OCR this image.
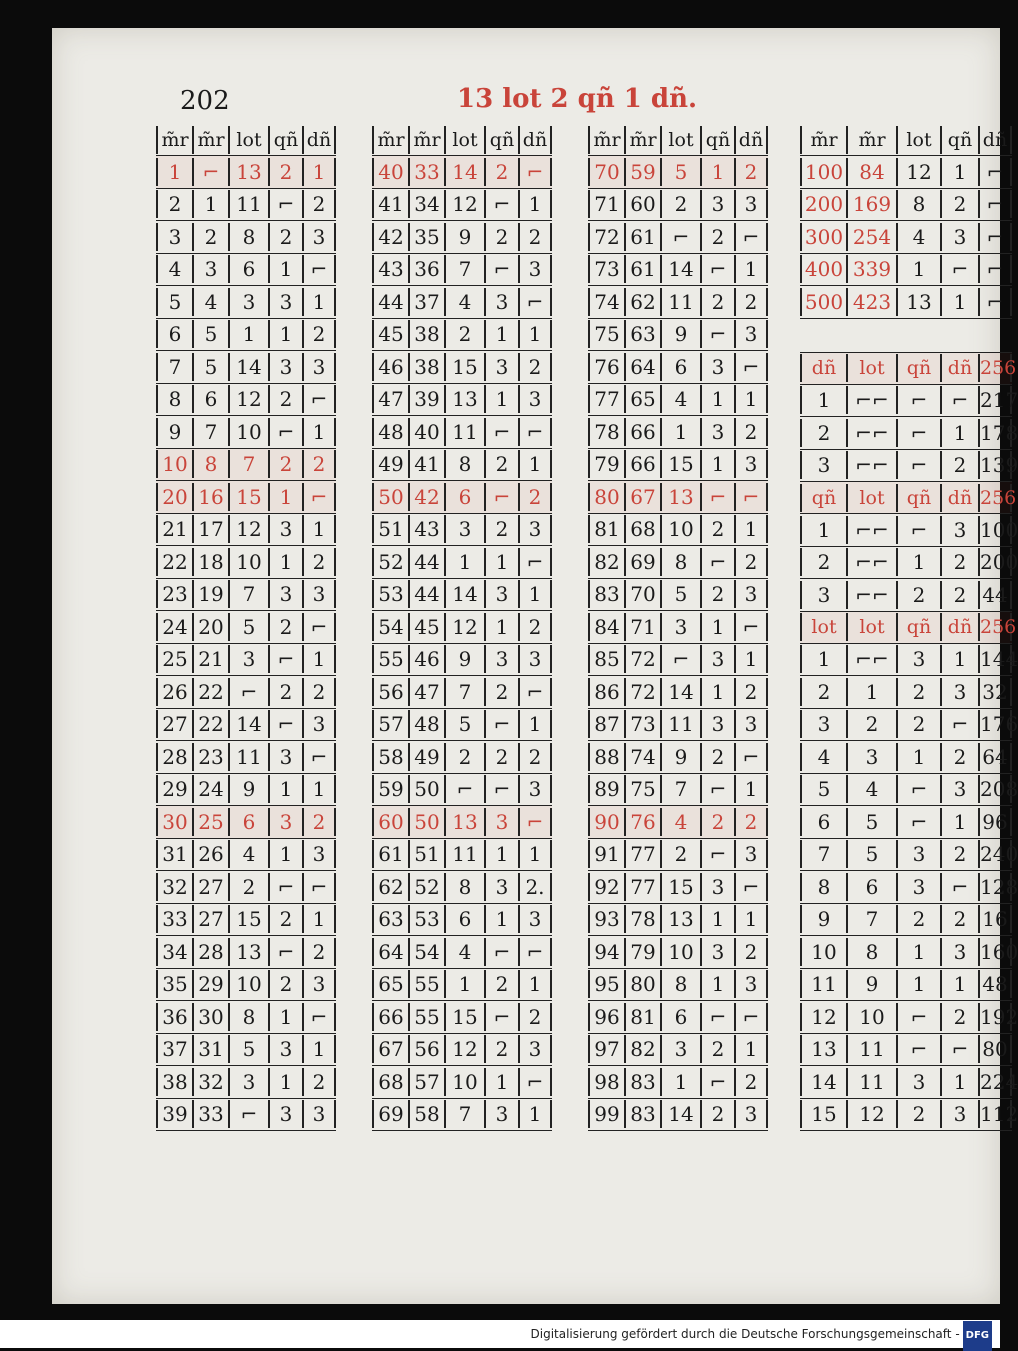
202	13 lot 2 qñ 1 dñ.
m̃r m̃r lot qñ dñ
1	⌐ 13 2	1
2	1 11 ⌐ 2
3	2	8	2	3
4	3	6	1 ⌐
5	4	3	3	1
6	5	1	1	2
7	5 14 3	3
8	6 12 2 ⌐
9	7 10 ⌐ 1
10 8	7	2	2
20 16 15 1 ⌐
21 17 12 3	1
22 18 10 1	2
23 19 7	3	3
24 20 5	2 ⌐
25 21 3	⌐ 1
26 22 ⌐	2	2
27 22 14 ⌐ 3
28 23 11 3 ⌐
29 24 9	1	1
30 25 6	3	2
31 26 4	1	3
32 27 2	⌐ ⌐
33 27 15 2	1
34 28 13 ⌐ 2
35 29 10 2	3
36 30 8	1 ⌐
37 31 5	3	1
38 32 3	1	2
39 33 ⌐	3	3
m̃r m̃r lot qñ dñ
40 33 14 2 ⌐
41 34 12 ⌐ 1
42 35 9	2	2
43 36 7	⌐ 3
44 37 4	3 ⌐
45 38 2	1	1
46 38 15 3	2
47 39 13 1	3
48 40 11 ⌐ ⌐
49 41 8	2	1
50 42 6	⌐ 2
51 43 3	2	3
52 44 1	1 ⌐
53 44 14 3	1
54 45 12 1	2
55 46 9	3	3
56 47 7	2 ⌐
57 48 5	⌐ 1
58 49 2	2	2
59 50 ⌐	⌐ 3
60 50 13 3 ⌐
61 51 11 1	1
62 52 8	3 2.
63 53 6	1	3
64 54 4	⌐ ⌐
65 55 1	2	1
66 55 15 ⌐ 2
67 56 12 2	3
68 57 10 1 ⌐
69 58 7	3	1
m̃r m̃r lot qñ dñ
70 59 5	1	2
71 60 2	3	3
72 61 ⌐	2 ⌐
73 61 14 ⌐ 1
74 62 11 2	2
75 63 9	⌐ 3
76 64 6	3 ⌐
77 65 4	1	1
78 66 1	3	2
79 66 15 1	3
80 67 13 ⌐ ⌐
81 68 10 2	1
82 69 8	⌐ 2
83 70 5	2	3
84 71 3	1 ⌐
85 72 ⌐	3	1
86 72 14 1	2
87 73 11 3	3
88 74 9	2 ⌐
89 75 7	⌐ 1
90 76 4	2	2
91 77 2	⌐ 3
92 77 15 3 ⌐
93 78 13 1	1
94 79 10 3	2
95 80 8	1	3
96 81 6	⌐ ⌐
97 82 3	2	1
98 83 1	⌐ 2
99 83 14 2	3
m̃r	m̃r	lot qñ dñ
100 84	12	1	⌐
200 169	8	2	⌐
300 254	4	3	⌐
400 339	1	⌐ ⌐
500 423 13	1	⌐
dñ	lot	qñ dñ 256
1	⌐⌐	⌐	⌐ 217
2	⌐⌐	⌐	1 178
3	⌐⌐	⌐	2 139
qñ	lot	qñ dñ 256
1	⌐⌐	⌐	3 100
2	⌐⌐	1	2 200
3	⌐⌐	2	2 44
lot	lot	qñ dñ 256
1	⌐⌐	3	1 144
2	1	2	3 32
3	2	2	⌐ 176
4	3	1	2 64
5	4	⌐	3 208
6	5	⌐	1 96
7	5	3	2 240
8	6	3	⌐ 128
9	7	2	2 16
10	8	1	3 160
11	9	1	1 48
12	10	⌐	2 192
13	11	⌐	⌐ 80
14	11	3	1 224
15	12	2	3 112
Digitalisierung gefördert durch die Deutsche Forschungsgemeinschaft - DFG
